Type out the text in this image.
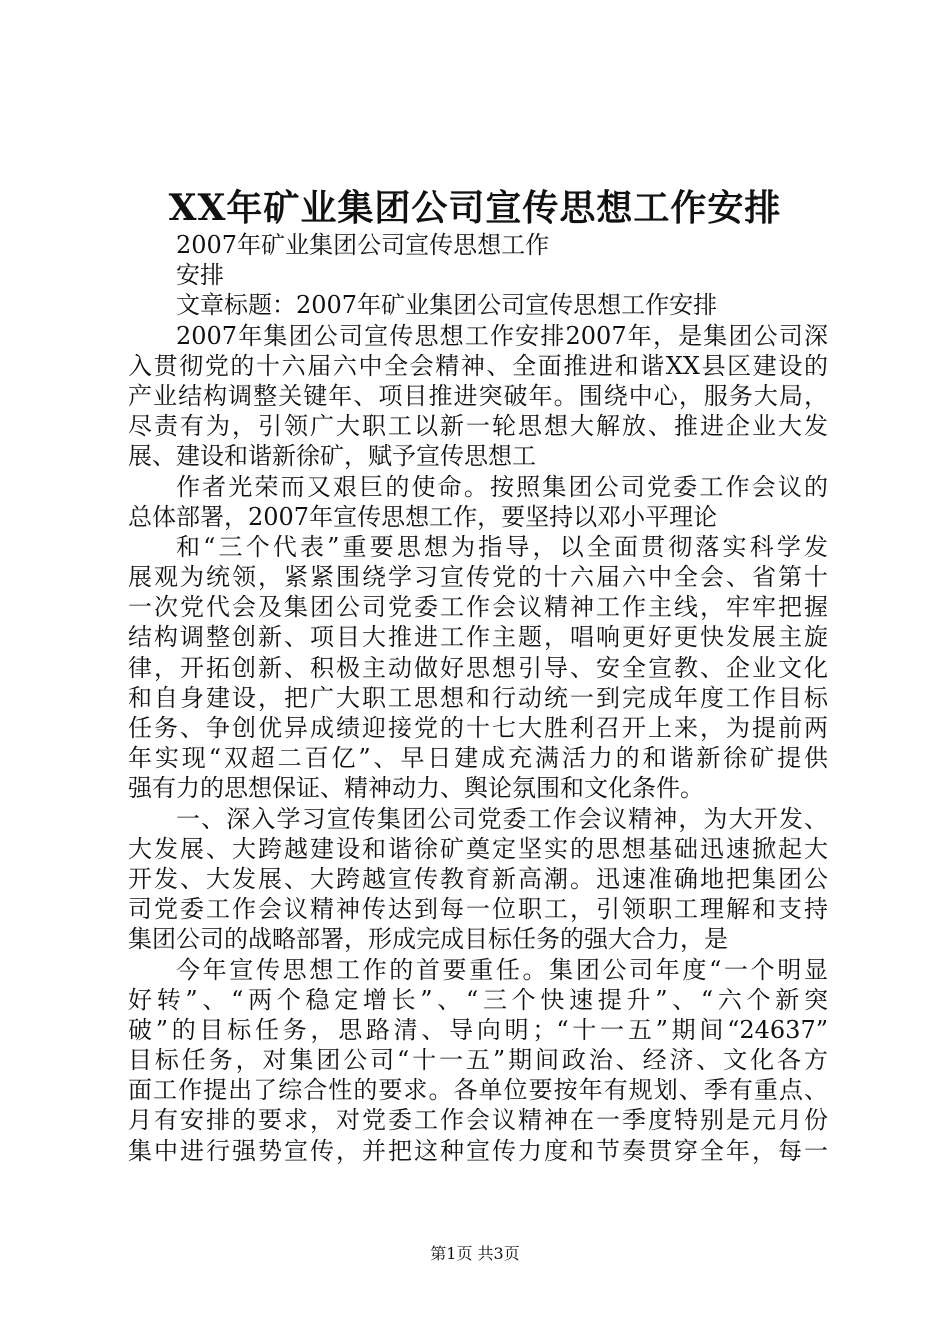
XX年矿业集团公司宣传思想工作安排
2007年矿业集团公司宣传思想工作
安排
文章标题：2007年矿业集团公司宣传思想工作安排
2007年集团公司宣传思想工作安排2007年，是集团公司深
入贯彻党的十六届六中全会精神、全面推进和谐XX县区建设的
产业结构调整关键年、项目推进突破年。围绕中心，服务大局，
尽责有为，引领广大职工以新一轮思想大解放、推进企业大发
展、建设和谐新徐矿，赋予宣传思想工
作者光荣而又艰巨的使命。按照集团公司党委工作会议的
总体部署，2007年宣传思想工作，要坚持以邓小平理论
和“三个代表”重要思想为指导，以全面贯彻落实科学发
展观为统领，紧紧围绕学习宣传党的十六届六中全会、省第十
一次党代会及集团公司党委工作会议精神工作主线，牢牢把握
结构调整创新、项目大推进工作主题，唱响更好更快发展主旋
律，开拓创新、积极主动做好思想引导、安全宣教、企业文化
和自身建设，把广大职工思想和行动统一到完成年度工作目标
任务、争创优异成绩迎接党的十七大胜利召开上来，为提前两
年实现“双超二百亿”、早日建成充满活力的和谐新徐矿提供
强有力的思想保证、精神动力、舆论氛围和文化条件。
一、深入学习宣传集团公司党委工作会议精神，为大开发、
大发展、大跨越建设和谐徐矿奠定坚实的思想基础迅速掀起大
开发、大发展、大跨越宣传教育新高潮。迅速准确地把集团公
司党委工作会议精神传达到每一位职工，引领职工理解和支持
集团公司的战略部署，形成完成目标任务的强大合力，是
今年宣传思想工作的首要重任。集团公司年度“一个明显
好转”、“两个稳定增长”、“三个快速提升”、“六个新突
破”的目标任务，思路清、导向明；“十一五”期间“24637”
目标任务，对集团公司“十一五”期间政治、经济、文化各方
面工作提出了综合性的要求。各单位要按年有规划、季有重点、
月有安排的要求，对党委工作会议精神在一季度特别是元月份
集中进行强势宣传，并把这种宣传力度和节奏贯穿全年，每一
第1页 共3页
